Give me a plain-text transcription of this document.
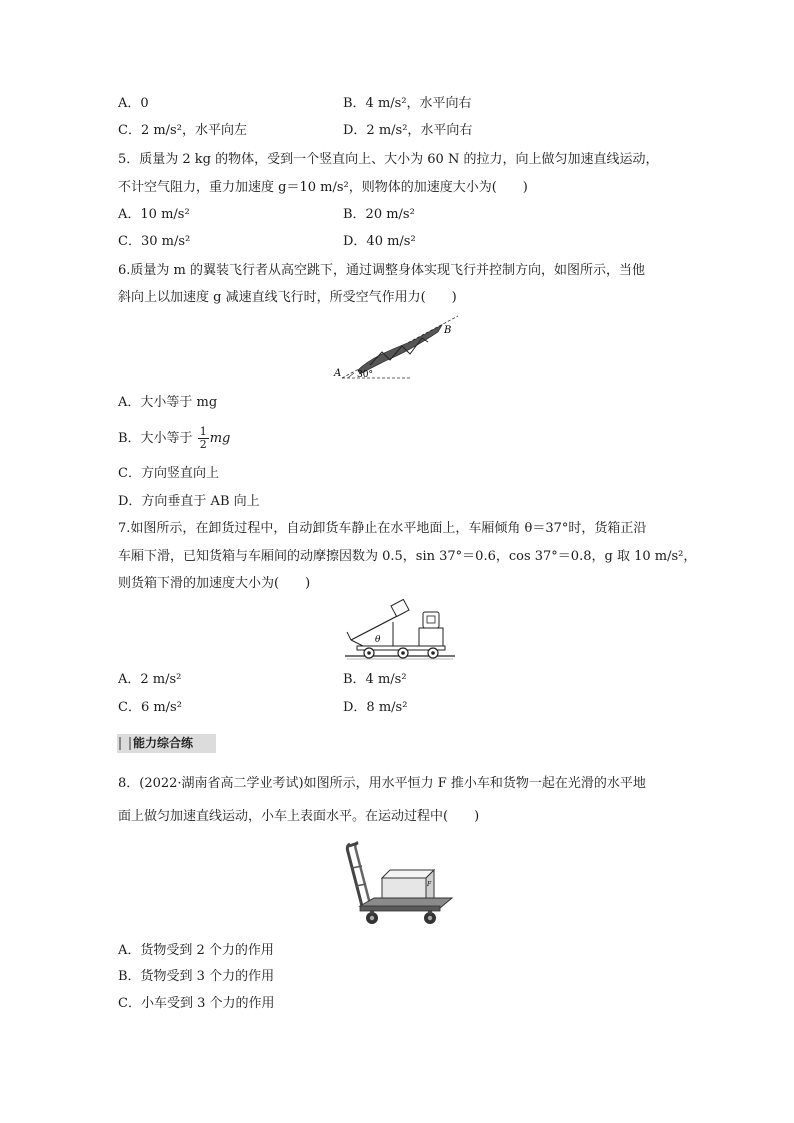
A．0	B．4 m/s²，水平向右
C．2 m/s²，水平向左	D．2 m/s²，水平向右
5．质量为 2 kg 的物体，受到一个竖直向上、大小为 60 N 的拉力，向上做匀加速直线运动，
不计空气阻力，重力加速度 g＝10 m/s²，则物体的加速度大小为(　　)
A．10 m/s²	B．20 m/s²
C．30 m/s²	D．40 m/s²
6.质量为 m 的翼装飞行者从高空跳下，通过调整身体实现飞行并控制方向，如图所示，当他
斜向上以加速度 g 减速直线飞行时，所受空气作用力(　　)
A
B
30°
A．大小等于 mg
B．大小等于 $\frac{1}{2}$ mg
C．方向竖直向上
D．方向垂直于 AB 向上
7.如图所示，在卸货过程中，自动卸货车静止在水平地面上，车厢倾角 θ＝37°时，货箱正沿
车厢下滑，已知货箱与车厢间的动摩擦因数为 0.5，sin 37°＝0.6，cos 37°＝0.8，g 取 10 m/s²，
则货箱下滑的加速度大小为(　　)
θ
A．2 m/s²	B．4 m/s²
C．6 m/s²	D．8 m/s²
能力综合练
8．(2022·湖南省高二学业考试)如图所示，用水平恒力 F 推小车和货物一起在光滑的水平地
面上做匀加速直线运动，小车上表面水平。在运动过程中(　　)
F
A．货物受到 2 个力的作用
B．货物受到 3 个力的作用
C．小车受到 3 个力的作用
